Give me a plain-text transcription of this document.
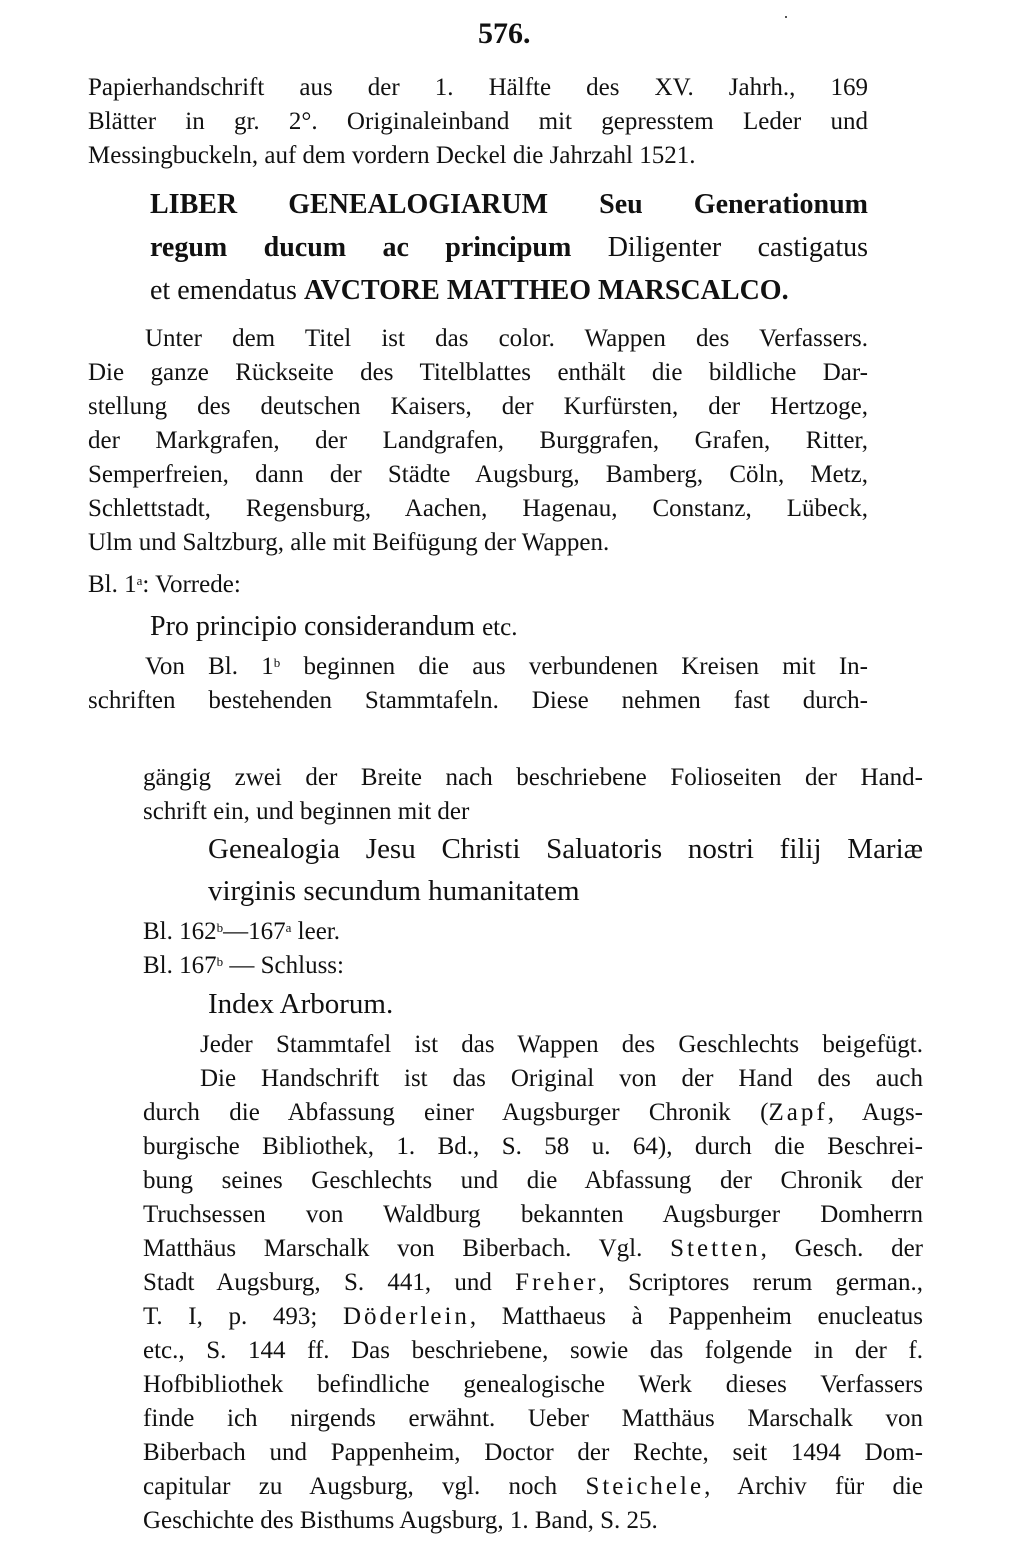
576.
Papierhandschrift aus der 1. Hälfte des XV. Jahrh., 169
Blätter in gr. 2°. Originaleinband mit gepresstem Leder und
Messingbuckeln, auf dem vordern Deckel die Jahrzahl 1521.
LIBER GENEALOGIARUM Seu Generationum
regum ducum ac principum Diligenter castigatus
et emendatus AVCTORE MATTHEO MARSCALCO.
Unter dem Titel ist das color. Wappen des Verfassers.
Die ganze Rückseite des Titelblattes enthält die bildliche Dar-
stellung des deutschen Kaisers, der Kurfürsten, der Hertzoge,
der Markgrafen, der Landgrafen, Burggrafen, Grafen, Ritter,
Semperfreien, dann der Städte Augsburg, Bamberg, Cöln, Metz,
Schlettstadt, Regensburg, Aachen, Hagenau, Constanz, Lübeck,
Ulm und Saltzburg, alle mit Beifügung der Wappen.
Bl. 1$^a$: Vorrede:
Pro principio considerandum etc.
Von Bl. 1$^b$ beginnen die aus verbundenen Kreisen mit In-
schriften bestehenden Stammtafeln. Diese nehmen fast durch-
gängig zwei der Breite nach beschriebene Folioseiten der Hand-
schrift ein, und beginnen mit der
Genealogia Jesu Christi Saluatoris nostri filij Mariæ
virginis secundum humanitatem
Bl. 162$^b$—167$^a$ leer.
Bl. 167$^b$ — Schluss:
Index Arborum.
Jeder Stammtafel ist das Wappen des Geschlechts beigefügt.
Die Handschrift ist das Original von der Hand des auch
durch die Abfassung einer Augsburger Chronik (Zapf, Augs-
burgische Bibliothek, 1. Bd., S. 58 u. 64), durch die Beschrei-
bung seines Geschlechts und die Abfassung der Chronik der
Truchsessen von Waldburg bekannten Augsburger Domherrn
Matthäus Marschalk von Biberbach. Vgl. Stetten, Gesch. der
Stadt Augsburg, S. 441, und Freher, Scriptores rerum german.,
T. I, p. 493; Döderlein, Matthaeus à Pappenheim enucleatus
etc., S. 144 ff. Das beschriebene, sowie das folgende in der f.
Hofbibliothek befindliche genealogische Werk dieses Verfassers
finde ich nirgends erwähnt. Ueber Matthäus Marschalk von
Biberbach und Pappenheim, Doctor der Rechte, seit 1494 Dom-
capitular zu Augsburg, vgl. noch Steichele, Archiv für die
Geschichte des Bisthums Augsburg, 1. Band, S. 25.
